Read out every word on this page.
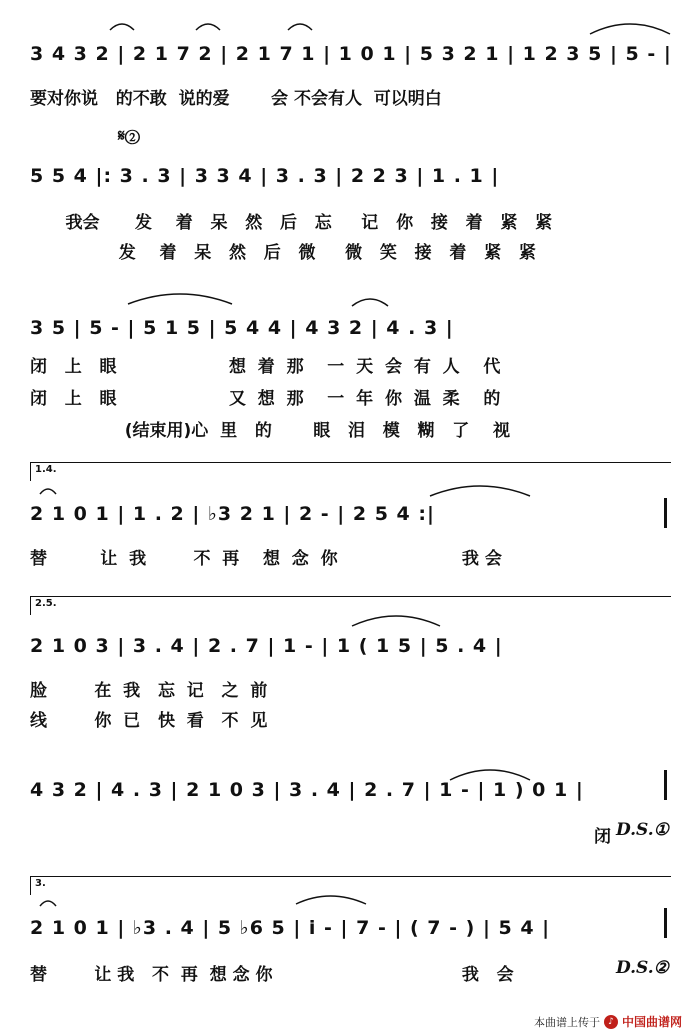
3 4 3 2 | 2 1 7 2 | 2 1 7 1 | 1 0 1 | 5 3 2 1 | 1 2 3 5 | 5 - |
要对你说   的不敢  说的爱       会 不会有人  可以明白
𝄋②
5 5 4 |: 3 . 3 | 3 3 4 | 3 . 3 | 2 2 3 | 1 . 1 |
我会      发    着   呆   然   后   忘     记   你   接   着   紧   紧
发    着   呆   然   后   微     微   笑   接   着   紧   紧
3 5 | 5 - | 5 1 5 | 5 4 4 | 4 3 2 | 4 . 3 |
闭   上   眼                   想  着  那    一  天  会  有  人    代
闭   上   眼                   又  想  那    一  年  你  温  柔    的
(结束用)心  里   的       眼   泪   模   糊   了    视
1.4.
2 1 0 1 | 1 . 2 | ♭3 2 1 | 2 - | 2 5 4 :|
替         让  我        不  再    想  念  你                     我 会
2.5.
2 1 0 3 | 3 . 4 | 2 . 7 | 1 - | 1 ( 1 5 | 5 . 4 |
脸        在  我   忘  记   之  前
线        你  已   快  看   不  见
4 3 2 | 4 . 3 | 2 1 0 3 | 3 . 4 | 2 . 7 | 1 - | 1 ) 0 1 |
闭 D.S.①
3.
2 1 0 1 | ♭3 . 4 | 5 ♭6 5 | i - | 7 - | ( 7 - ) | 5 4 |
替        让 我   不  再  想 念 你                                我   会	D.S.②
本曲谱上传于 ♪ 中国曲谱网
